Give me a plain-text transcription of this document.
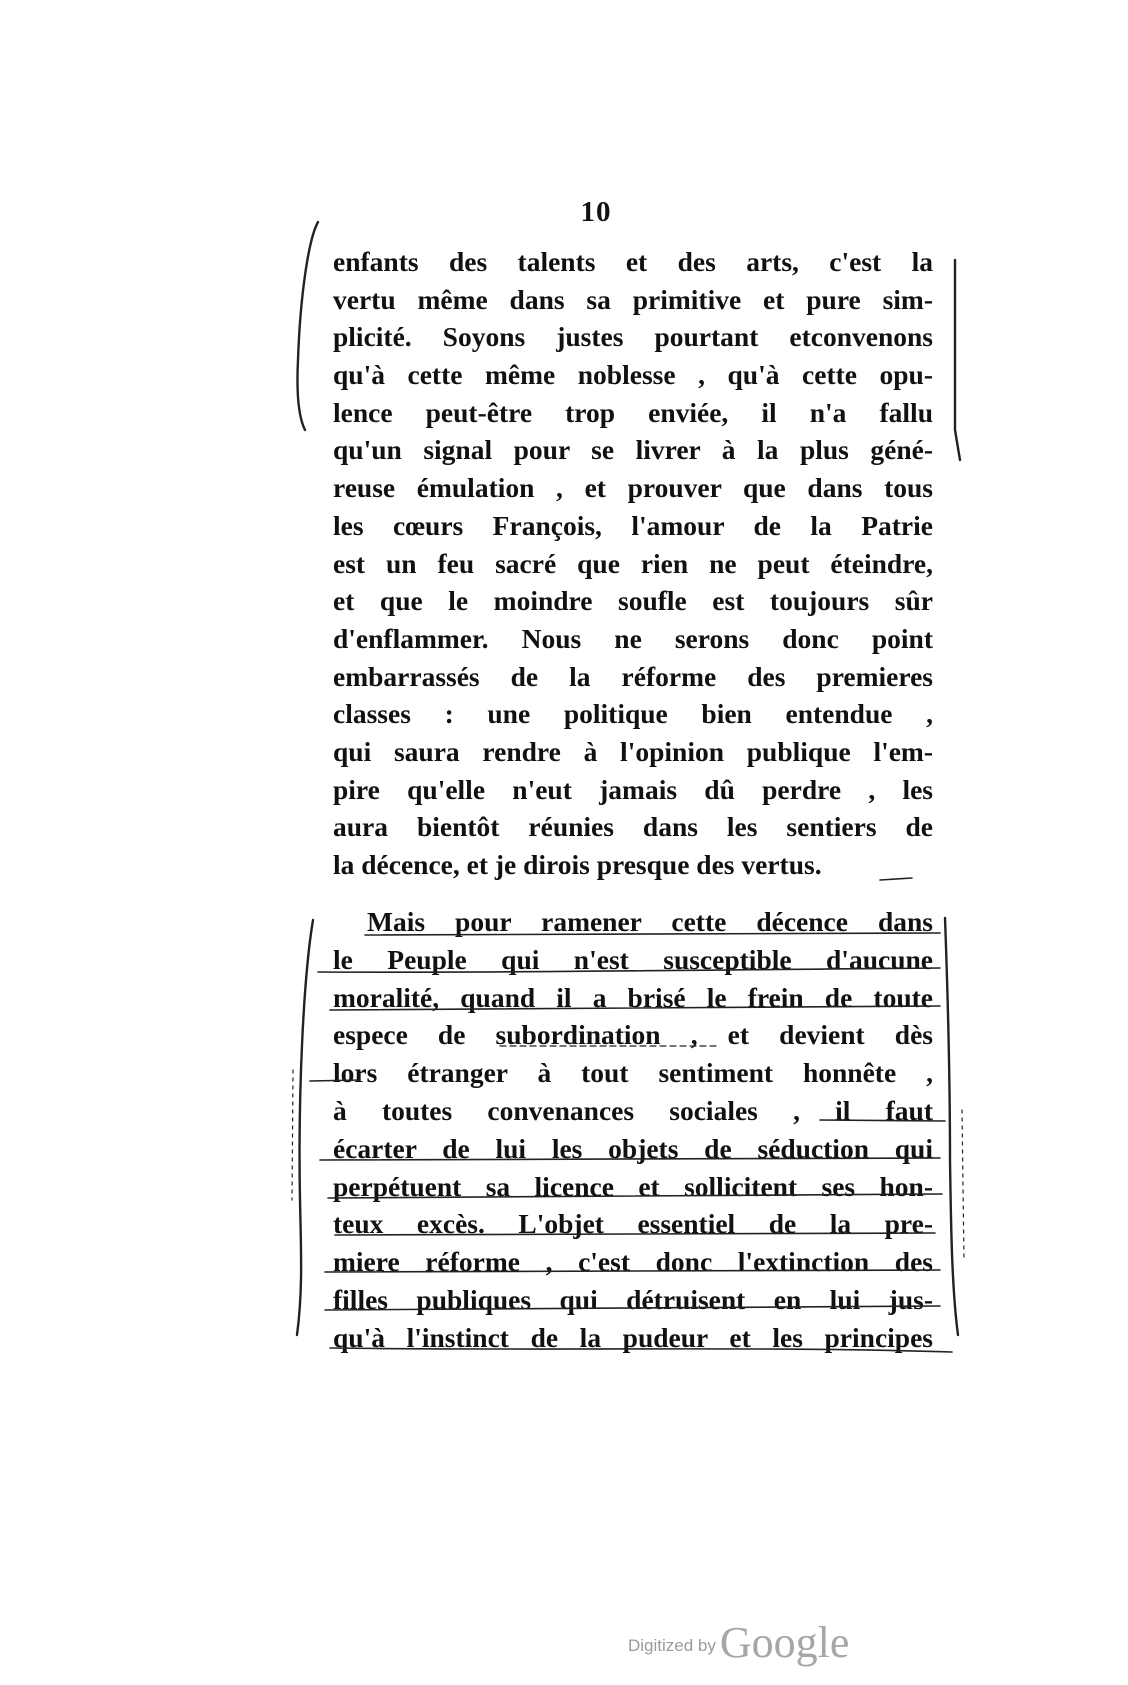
10
enfants des talents et des arts, c'est la
vertu même dans sa primitive et pure sim-
plicité. Soyons justes pourtant etconvenons
qu'à cette même noblesse , qu'à cette opu-
lence peut-être trop enviée, il n'a fallu
qu'un signal pour se livrer à la plus géné-
reuse émulation , et prouver que dans tous
les cœurs François, l'amour de la Patrie
est un feu sacré que rien ne peut éteindre,
et que le moindre soufle est toujours sûr
d'enflammer. Nous ne serons donc point
embarrassés de la réforme des premieres
classes : une politique bien entendue ,
qui saura rendre à l'opinion publique l'em-
pire qu'elle n'eut jamais dû perdre , les
aura bientôt réunies dans les sentiers de
la décence, et je dirois presque des vertus.
Mais pour ramener cette décence dans
le Peuple qui n'est susceptible d'aucune
moralité, quand il a brisé le frein de toute
espece de subordination , et devient dès
lors étranger à tout sentiment honnête ,
à toutes convenances sociales , il faut
écarter de lui les objets de séduction qui
perpétuent sa licence et sollicitent ses hon-
teux excès. L'objet essentiel de la pre-
miere réforme , c'est donc l'extinction des
filles publiques qui détruisent en lui jus-
qu'à l'instinct de la pudeur et les principes
Digitized byGoogle
